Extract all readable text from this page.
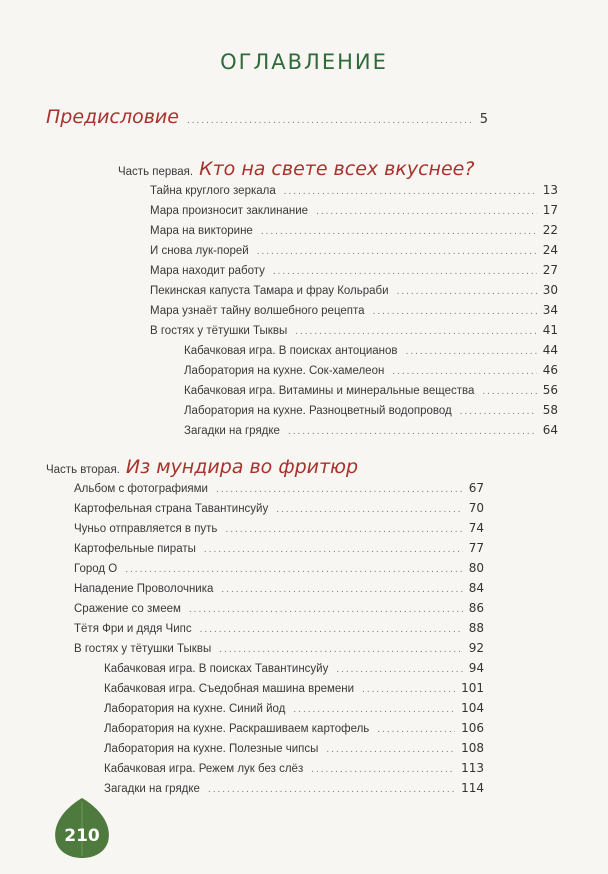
ОГЛАВЛЕНИЕ
Предисловие .....	5
Часть первая. Кто на свете всех вкуснее?
Тайна круглого зеркала .....	13
Мара произносит заклинание .....	17
Мара на викторине .....	22
И снова лук-порей .....	24
Мара находит работу .....	27
Пекинская капуста Тамара и фрау Кольраби .....	30
Мара узнаёт тайну волшебного рецепта .....	34
В гостях у тётушки Тыквы .....	41
Кабачковая игра. В поисках антоцианов .....	44
Лаборатория на кухне. Сок-хамелеон .....	46
Кабачковая игра. Витамины и минеральные вещества .....	56
Лаборатория на кухне. Разноцветный водопровод .....	58
Загадки на грядке .....	64
Часть вторая. Из мундира во фритюр
Альбом с фотографиями .....	67
Картофельная страна Тавантинсуйу .....	70
Чуньо отправляется в путь .....	74
Картофельные пираты .....	77
Город О .....	80
Нападение Проволочника .....	84
Сражение со змеем .....	86
Тётя Фри и дядя Чипс .....	88
В гостях у тётушки Тыквы .....	92
Кабачковая игра. В поисках Тавантинсуйу .....	94
Кабачковая игра. Съедобная машина времени .....	101
Лаборатория на кухне. Синий йод .....	104
Лаборатория на кухне. Раскрашиваем картофель .....	106
Лаборатория на кухне. Полезные чипсы .....	108
Кабачковая игра. Режем лук без слёз .....	113
Загадки на грядке .....	114
210
